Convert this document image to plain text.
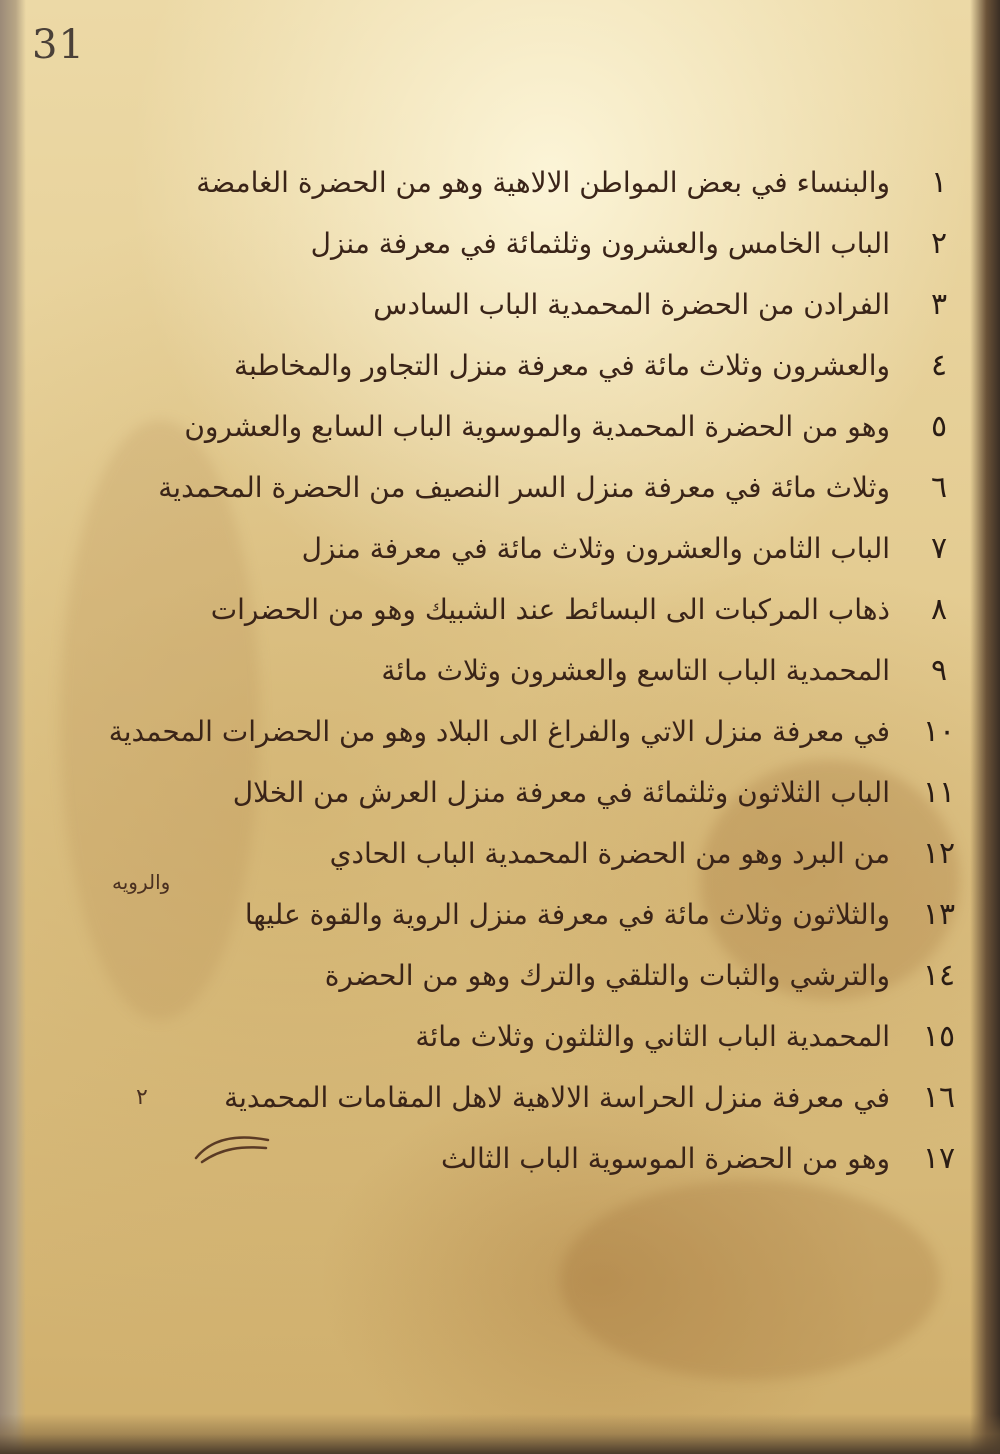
31
١
والبنساء في بعض المواطن الالاهية وهو من الحضرة الغامضة
٢
الباب الخامس والعشرون وثلثمائة في معرفة منزل
٣
الفرادن من الحضرة المحمدية الباب السادس
٤
والعشرون وثلاث مائة في معرفة منزل التجاور والمخاطبة
٥
وهو من الحضرة المحمدية والموسوية الباب السابع والعشرون
٦
وثلاث مائة في معرفة منزل السر النصيف من الحضرة المحمدية
٧
الباب الثامن والعشرون وثلاث مائة في معرفة منزل
٨
ذهاب المركبات الى البسائط عند الشبيك وهو من الحضرات
٩
المحمدية الباب التاسع والعشرون وثلاث مائة
١٠
في معرفة منزل الاتي والفراغ الى البلاد وهو من الحضرات المحمدية
١١
الباب الثلاثون وثلثمائة في معرفة منزل العرش من الخلال
١٢
من البرد وهو من الحضرة المحمدية الباب الحادي
١٣
والثلاثون وثلاث مائة في معرفة منزل الروية والقوة عليها
١٤
والترشي والثبات والتلقي والترك وهو من الحضرة
١٥
المحمدية الباب الثاني والثلثون وثلاث مائة
١٦
في معرفة منزل الحراسة الالاهية لاهل المقامات المحمدية
١٧
وهو من الحضرة الموسوية الباب الثالث
والرويه
٢
